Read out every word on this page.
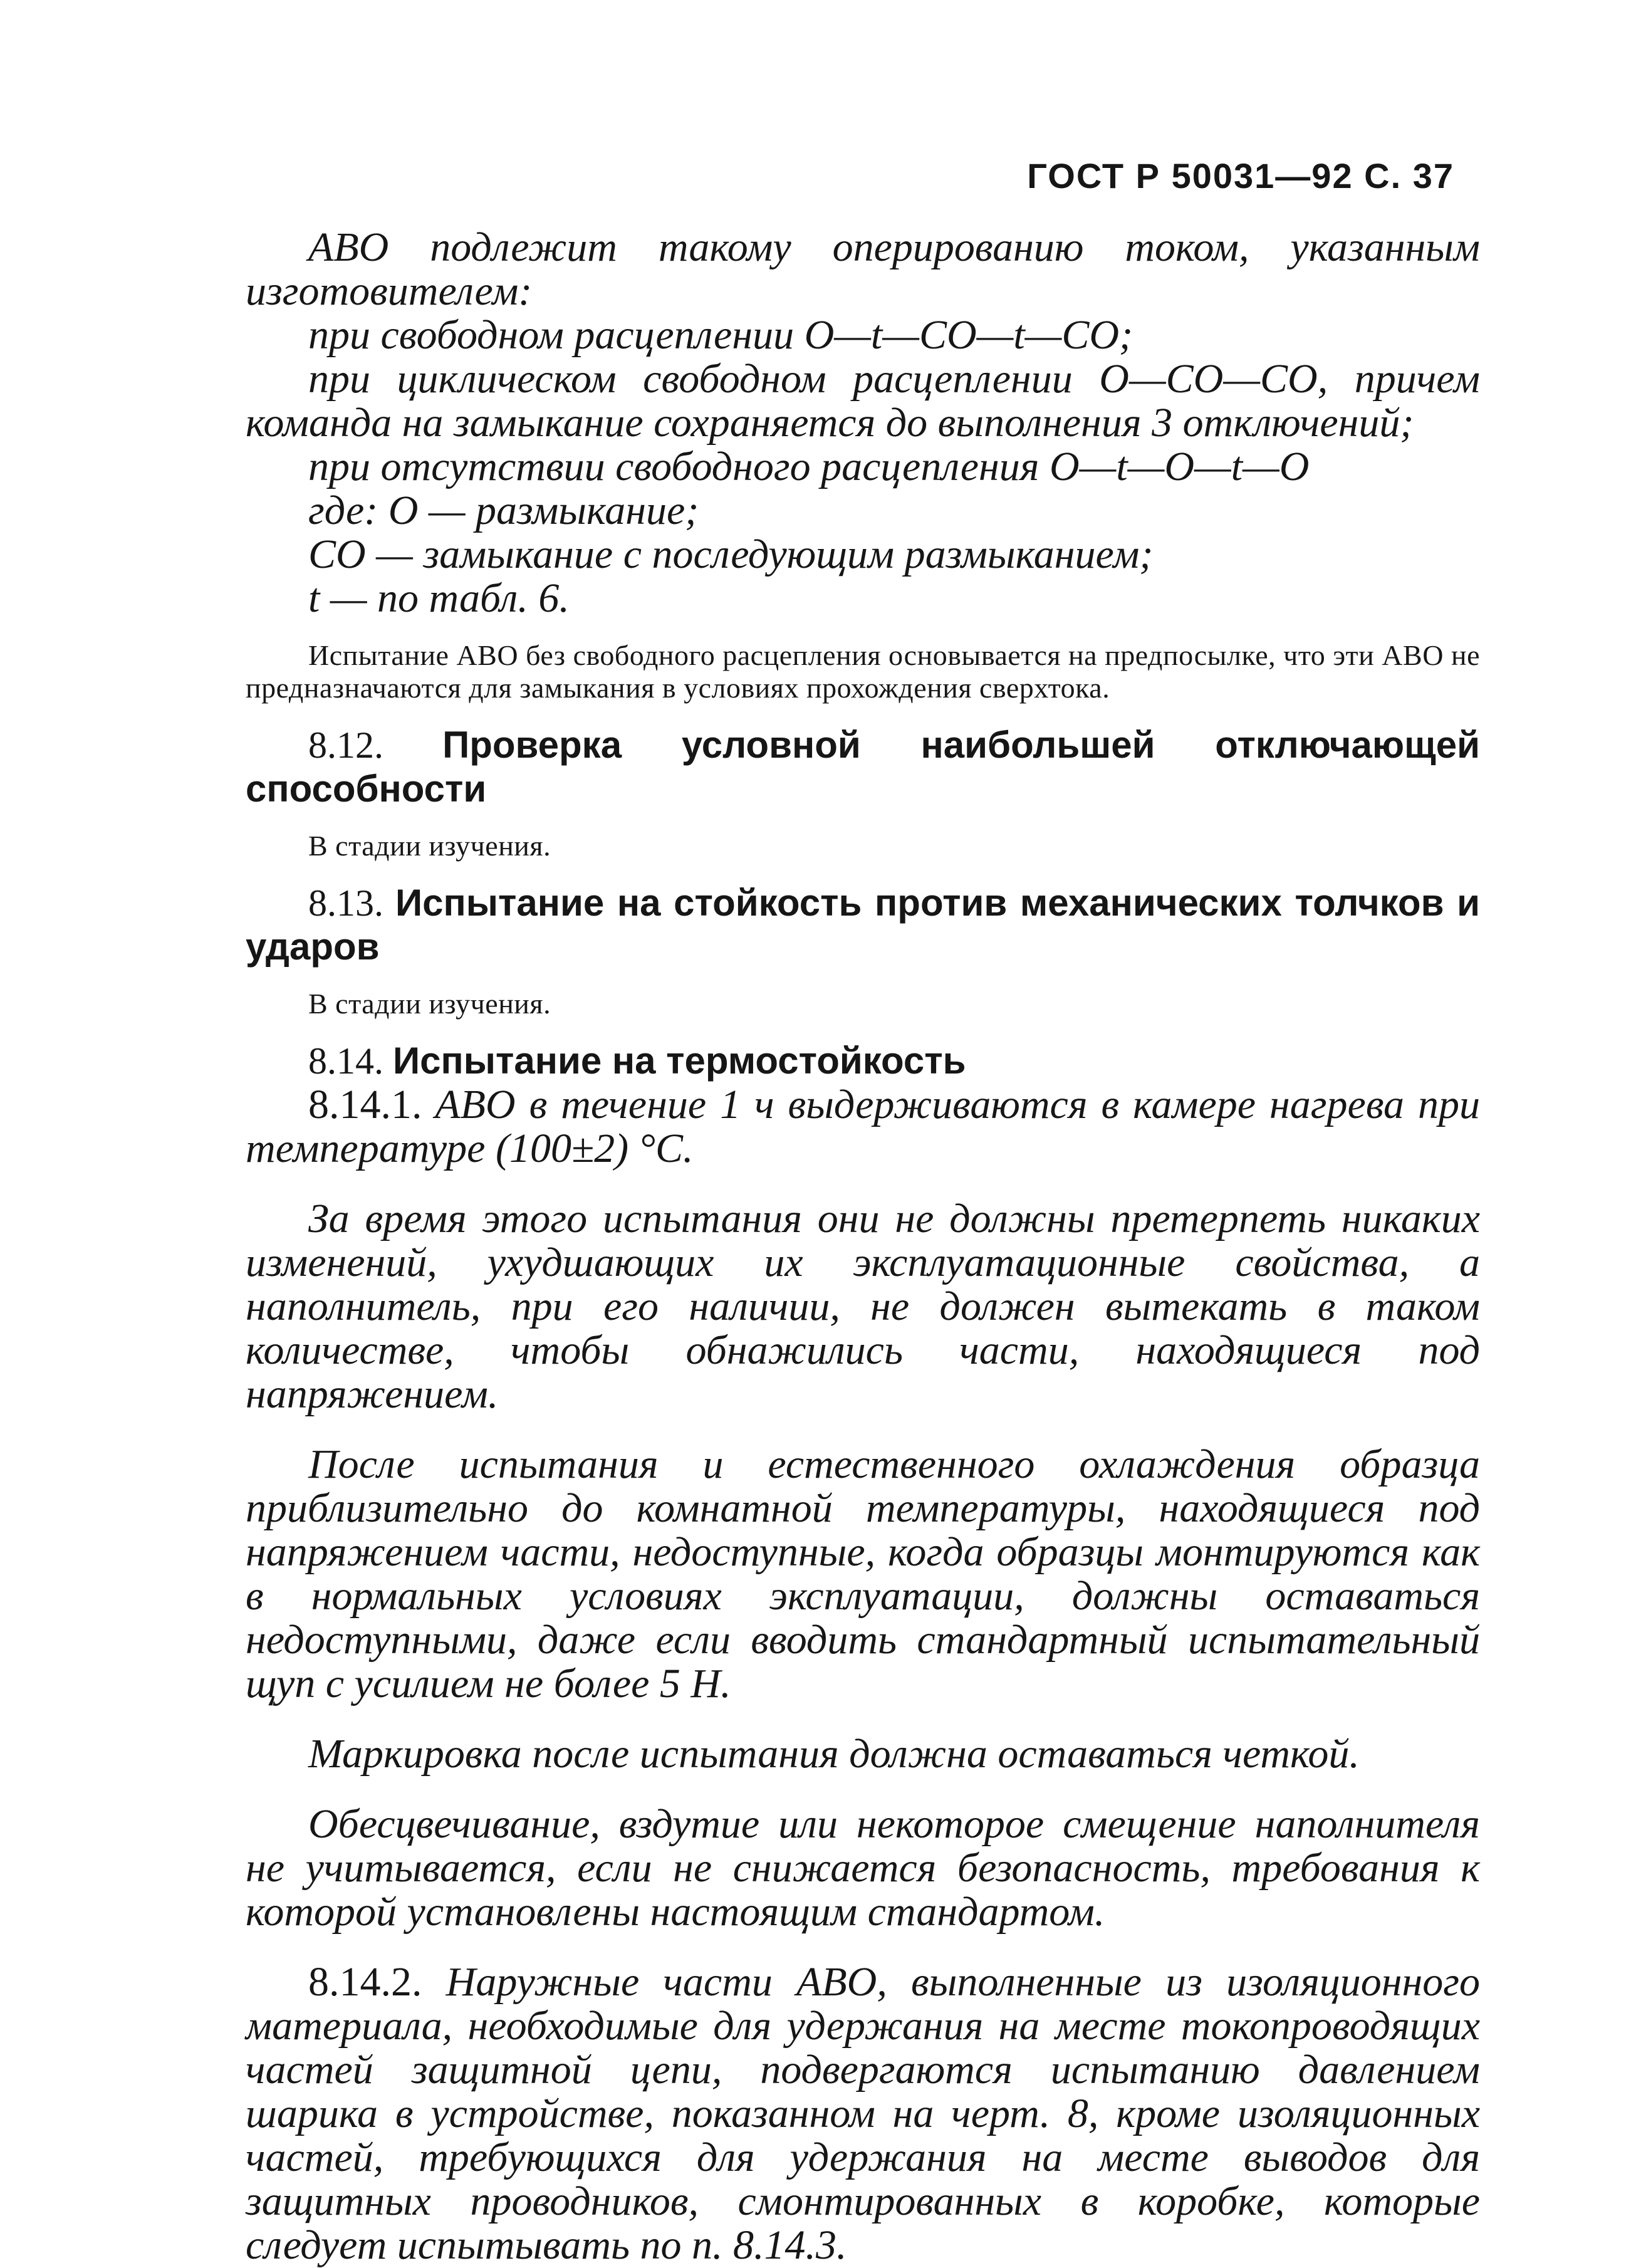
ГОСТ Р 50031—92 С. 37

ABO подлежит такому оперированию током, указанным изготовителем:

при свободном расцеплении O—t—CO—t—CO;

при циклическом свободном расцеплении O—CO—CO, причем команда на замыкание сохраняется до выполнения 3 отключений;

при отсутствии свободного расцепления O—t—O—t—O

где: O — размыкание;

CO — замыкание с последующим размыканием;

t — по табл. 6.

Испытание АВО без свободного расцепления основывается на предпосылке, что эти АВО не предназначаются для замыкания в условиях прохождения сверхтока.

8.12. Проверка условной наибольшей отключающей способности

В стадии изучения.

8.13. Испытание на стойкость против механических толчков и ударов

В стадии изучения.

8.14. Испытание на термостойкость

8.14.1. ABO в течение 1 ч выдерживаются в камере нагрева при температуре (100±2) °С.

За время этого испытания они не должны претерпеть никаких изменений, ухудшающих их эксплуатационные свойства, а наполнитель, при его наличии, не должен вытекать в таком количестве, чтобы обнажились части, находящиеся под напряжением.

После испытания и естественного охлаждения образца приблизительно до комнатной температуры, находящиеся под напряжением части, недоступные, когда образцы монтируются как в нормальных условиях эксплуатации, должны оставаться недоступными, даже если вводить стандартный испытательный щуп с усилием не более 5 Н.

Маркировка после испытания должна оставаться четкой.

Обесцвечивание, вздутие или некоторое смещение наполнителя не учитывается, если не снижается безопасность, требования к которой установлены настоящим стандартом.

8.14.2. Наружные части ABO, выполненные из изоляционного материала, необходимые для удержания на месте токопроводящих частей защитной цепи, подвергаются испытанию давлением шарика в устройстве, показанном на черт. 8, кроме изоляционных частей, требующихся для удержания на месте выводов для защитных проводников, смонтированных в коробке, которые следует испытывать по п. 8.14.3.
